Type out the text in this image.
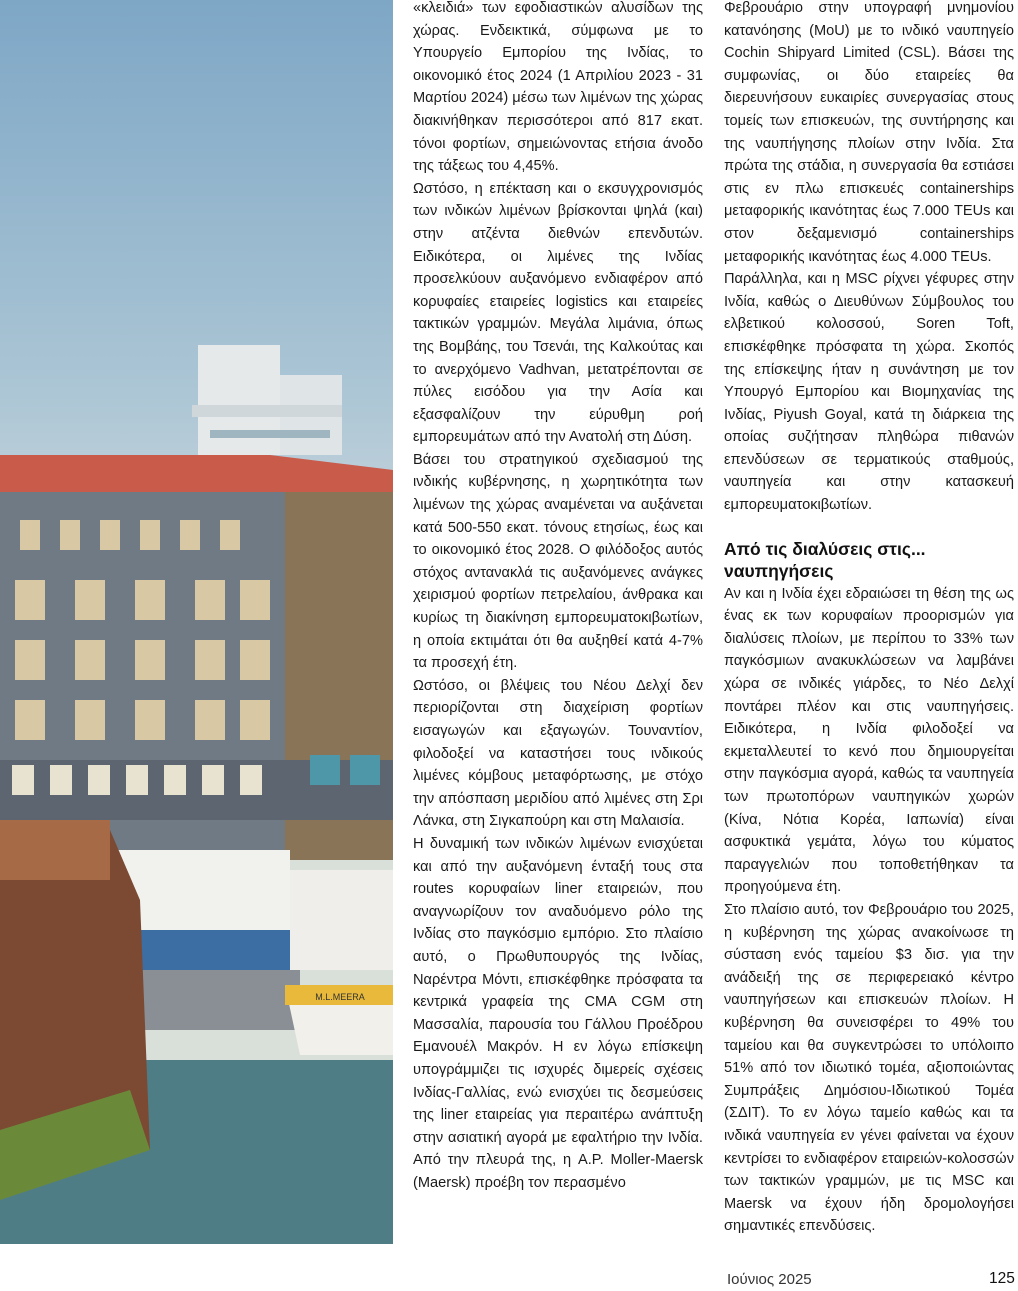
M.L.MEERA

«κλειδιά» των εφοδιαστικών αλυσίδων της χώρας. Ενδεικτικά, σύμφωνα με το Υπουργείο Εμπορίου της Ινδίας, το οικονομικό έτος 2024 (1 Απριλίου 2023 - 31 Μαρτίου 2024) μέσω των λιμένων της χώρας διακινήθηκαν περισσότεροι από 817 εκατ. τόνοι φορτίων, σημειώνοντας ετήσια άνοδο της τάξεως του 4,45%.

Ωστόσο, η επέκταση και ο εκσυγχρονισμός των ινδικών λιμένων βρίσκονται ψηλά (και) στην ατζέντα διεθνών επενδυτών. Ειδικότερα, οι λιμένες της Ινδίας προσελκύουν αυξανόμενο ενδιαφέρον από κορυφαίες εταιρείες logistics και εταιρείες τακτικών γραμμών. Μεγάλα λιμάνια, όπως της Βομβάης, του Τσενάι, της Καλκούτας και το ανερχόμενο Vadhvan, μετατρέπονται σε πύλες εισόδου για την Ασία και εξασφαλίζουν την εύρυθμη ροή εμπορευμάτων από την Ανατολή στη Δύση.

Βάσει του στρατηγικού σχεδιασμού της ινδικής κυβέρνησης, η χωρητικότητα των λιμένων της χώρας αναμένεται να αυξάνεται κατά 500-550 εκατ. τόνους ετησίως, έως και το οικονομικό έτος 2028. Ο φιλόδοξος αυτός στόχος αντανακλά τις αυξανόμενες ανάγκες χειρισμού φορτίων πετρελαίου, άνθρακα και κυρίως τη διακίνηση εμπορευματοκιβωτίων, η οποία εκτιμάται ότι θα αυξηθεί κατά 4-7% τα προσεχή έτη.

Ωστόσο, οι βλέψεις του Νέου Δελχί δεν περιορίζονται στη διαχείριση φορτίων εισαγωγών και εξαγωγών. Τουναντίον, φιλοδοξεί να καταστήσει τους ινδικούς λιμένες κόμβους μεταφόρτωσης, με στόχο την απόσπαση μεριδίου από λιμένες στη Σρι Λάνκα, στη Σιγκαπούρη και στη Μαλαισία.

Η δυναμική των ινδικών λιμένων ενισχύεται και από την αυξανόμενη ένταξή τους στα routes κορυφαίων liner εταιρειών, που αναγνωρίζουν τον αναδυόμενο ρόλο της Ινδίας στο παγκόσμιο εμπόριο. Στο πλαίσιο αυτό, ο Πρωθυπουργός της Ινδίας, Ναρέντρα Μόντι, επισκέφθηκε πρόσφατα τα κεντρικά γραφεία της CMA CGM στη Μασσαλία, παρουσία του Γάλλου Προέδρου Εμανουέλ Μακρόν. Η εν λόγω επίσκεψη υπογράμμιζει τις ισχυρές διμερείς σχέσεις Ινδίας-Γαλλίας, ενώ ενισχύει τις δεσμεύσεις της liner εταιρείας για περαιτέρω ανάπτυξη στην ασιατική αγορά με εφαλτήριο την Ινδία. Από την πλευρά της, η A.P. Moller-Maersk (Maersk) προέβη τον περασμένο

Φεβρουάριο στην υπογραφή μνημονίου κατανόησης (MoU) με το ινδικό ναυπηγείο Cochin Shipyard Limited (CSL). Βάσει της συμφωνίας, οι δύο εταιρείες θα διερευνήσουν ευκαιρίες συνεργασίας στους τομείς των επισκευών, της συντήρησης και της ναυπήγησης πλοίων στην Ινδία. Στα πρώτα της στάδια, η συνεργασία θα εστιάσει στις εν πλω επισκευές containerships μεταφορικής ικανότητας έως 7.000 TEUs και στον δεξαμενισμό containerships μεταφορικής ικανότητας έως 4.000 TEUs.

Παράλληλα, και η MSC ρίχνει γέφυρες στην Ινδία, καθώς ο Διευθύνων Σύμβουλος του ελβετικού κολοσσού, Soren Toft, επισκέφθηκε πρόσφατα τη χώρα. Σκοπός της επίσκεψης ήταν η συνάντηση με τον Υπουργό Εμπορίου και Βιομηχανίας της Ινδίας, Piyush Goyal, κατά τη διάρκεια της οποίας συζήτησαν πληθώρα πιθανών επενδύσεων σε τερματικούς σταθμούς, ναυπηγεία και στην κατασκευή εμπορευματοκιβωτίων.

Από τις διαλύσεις στις... ναυπηγήσεις

Αν και η Ινδία έχει εδραιώσει τη θέση της ως ένας εκ των κορυφαίων προορισμών για διαλύσεις πλοίων, με περίπου το 33% των παγκόσμιων ανακυκλώσεων να λαμβάνει χώρα σε ινδικές γιάρδες, το Νέο Δελχί ποντάρει πλέον και στις ναυπηγήσεις. Ειδικότερα, η Ινδία φιλοδοξεί να εκμεταλλευτεί το κενό που δημιουργείται στην παγκόσμια αγορά, καθώς τα ναυπηγεία των πρωτοπόρων ναυπηγικών χωρών (Κίνα, Νότια Κορέα, Ιαπωνία) είναι ασφυκτικά γεμάτα, λόγω του κύματος παραγγελιών που τοποθετήθηκαν τα προηγούμενα έτη.

Στο πλαίσιο αυτό, τον Φεβρουάριο του 2025, η κυβέρνηση της χώρας ανακοίνωσε τη σύσταση ενός ταμείου $3 δισ. για την ανάδειξή της σε περιφερειακό κέντρο ναυπηγήσεων και επισκευών πλοίων. Η κυβέρνηση θα συνεισφέρει το 49% του ταμείου και θα συγκεντρώσει το υπόλοιπο 51% από τον ιδιωτικό τομέα, αξιοποιώντας Συμπράξεις Δημόσιου-Ιδιωτικού Τομέα (ΣΔΙΤ). Το εν λόγω ταμείο καθώς και τα ινδικά ναυπηγεία εν γένει φαίνεται να έχουν κεντρίσει το ενδιαφέρον εταιρειών-κολοσσών των τακτικών γραμμών, με τις MSC και Maersk να έχουν ήδη δρομολογήσει σημαντικές επενδύσεις.

Ιούνιος 2025	125
